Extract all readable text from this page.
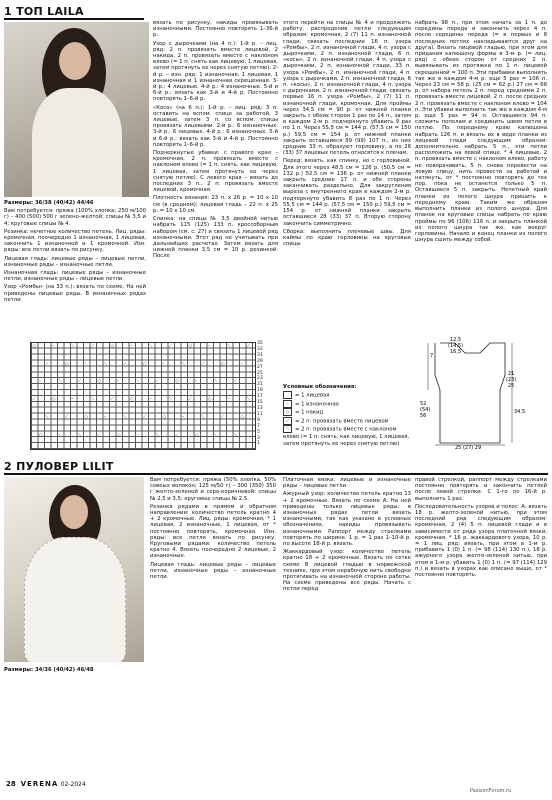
1 ТОП LAILA

Размеры: 36/38 (40/42) 44/46

Вам потребуется: пряжа (100% хлопка; 250 м/100 г) – 400 (500) 500 г зелено-желтой; спицы № 3,5 и 4; круговые спицы № 4.

Резинка: нечетное количество петель. Лиц. ряды: кромочная, поочередно 1 изнаночная, 1 лицевая, закончить 1 изнаночной и 1 кромочной. Изн. ряды: все петли вязать по рисунку.

Лицевая гладь: лицевые ряды – лицевые петли, изнаночные ряды – изнаночные петли.

Изнаночная гладь: лицевые ряды – изнаночные петли, изнаночные ряды – лицевые петли.

Узор «Ромбы» (на 33 п.): вязать по схеме. На ней приведены лицевые ряды. В изнаночных рядах петли

вязать по рисунку, накиды провязывать изнаночными. Постоянно повторять 1–36-й р.

Узор с дырочками (на 4 п.): 1-й р. – лиц. ряд: 2 п. провязать вместе лицевой, 2 накида, 2 п. провязать вместе с наклоном влево (= 1 п. снять как лицевую, 1 лицевая, затем протянуть ее через снятую петлю). 2-й р. – изн. ряд: 1 изнаночная, 1 лицевая, 1 изнаночная и 1 изнаночная скрещенная. 3-й р.: 4 лицевые. 4-й р.: 4 изнаночные. 5-й и 6-й р.: вязать как 3-й и 4-й р. Постоянно повторять 1–6-й р.

«Коса» (на 6 п.): 1-й р. – лиц. ряд: 3 п. оставить на вспом. спице за работой, 3 лицевые, затем 3 п. со вспом. спицы провязать лицевыми. 2-й р.: 6 изнаночных. 3-й р.: 6 лицевых. 4-й р.: 6 изнаночных. 5-й и 6-й р.: вязать как 3-й и 4-й р. Постоянно повторять 1–6-й р.

Подчеркнутые убавки: с правого края – кромочная, 2 п. провязать вместе с наклоном влево (= 1 п. снять, как лицевую, 1 лицевая, затем протянуть ее через снятую петлю). С левого края – вязать до последних 3 п., 2 п. провязать вместе лицевой, кромочная.

Плотность вязания: 23 п. х 26 р. = 10 х 10 см (в среднем); лицевая гладь – 22 п. х 25 р. = 10 х 10 см.

Спинка: на спицы № 3,5 двойной нитью набрать 115 (125) 133 п. кроссоборным набором (см. с. 27) и связать 1 лицевой ряд изнаночными. Этот ряд не учитывать при дальнейших расчетах. Затем вязать для нижней планки 3,5 см = 10 р. резинкой. После

этого перейти на спицы № 4 и продолжить работу, распределив петли следующим образом: кромочная, 2 (7) 11 п. изнаночной глади, связать последние 16 п. узора «Ромбы», 2 п. изнаночной глади, 4 п. узора с дырочками, 2 п. изнаночной глади, 6 п. «косы», 2 п. изнаночной глади, 4 п. узора с дырочками, 2 п. изнаночной глади, 33 п. узора «Ромбы», 2 п. изнаночной глади, 4 п. узора с дырочками, 2 п. изнаночной глади, 6 п. «косы», 2 п. изнаночной глади, 4 п. узора с дырочками, 2 п. изнаночной глади, связать первые 16 п. узора «Ромбы», 2 (7) 11 п. изнаночной глади, кромочная. Для проймы через 34,5 см = 90 р. от нижней планки закрыть с обеих сторон 1 раз по 14 п., затем в каждом 2-м р. подчеркнуто убавить 9 раз по 1 п. Через 55,5 см = 144 р. (57,5 см = 150 р.) 59,5 см = 154 р. от нижней планки закрыть оставшиеся 89 (99) 107 п., из них средние 33 п. образуют горловину, а по 28 (33) 37 лицевых петель относятся к плечам.

Перед: вязать, как спинку, но с горловиной. Для этого через 48,5 см = 126 р. (50,5 см = 132 р.) 52,5 см = 136 р. от нижней планки закрыть средние 17 п. и обе стороны заканчивать раздельно. Для закругления выреза с внутреннего края в каждом 2-м р. подчеркнуто убавить 8 раз по 1 п. Через 55,5 см = 144 р. (57,5 см = 150 р.) 59,5 см = 154 р. от нижней планки закрыть оставшиеся 28 (33) 37 п. Вторую сторону закончить симметрично.

Сборка: выполнить плечевые швы. Для каймы по краю горловины на круговые спицы

набрать 98 п., при этом начать за 1 п. до середины переда и закончить через 4 п. после середины переда (= в первых и 8 последних петлях накладываются друг на друга). Вязать лицевой гладью, при этом для придания капюшону формы в 3-м р. (= лиц. ряд) с обеих сторон от средних 2 п. вывязывать из протяжки по 1 п. лицевой скрещенной = 100 п. Эти прибавки выполнить так же в каждом 4-м р. еще 5 раз = 106 п. Через 23 см = 58 р. (25 см = 62 р.) 27 см = 68 р. от набора петель 2 п. перед средними 2 п. провязать вместе лицевой, 2 п. после средних 2 п. провязать вместе с наклоном влево = 104 п. Эти убавки выполнить так же в каждом 4-м р. еще 5 раз = 94 п. Оставшиеся 94 п. сложить пополам и соединить швом петля в петлю. По переднему краю капюшона набрать 126 п. и вязать их в виде планки из лицевой глади следующим образом: дополнительно набрать 5 п., эти петли расположить на левой спице, * 4 лицевые, 2 п. провязать вместе с наклоном влево, работу не поворачивать, 5 п. снова перевести на левую спицу, нить провести за работой и натянуть, от * постоянно повторять до тех пор, пока не останется только 5 п. Оставшиеся 5 п. закрыть. Нечетный край планки из полого шнура пришить к переднему краю. Таким же образом выполнить планки из полого шнура. Для планок на круговые спицы набрать по краю проймы по 96 (106) 116 п. и закрыть планкой из полого шнура так же, как вокруг горловины. Начало и конец планки из полого шнура сшить между собой.

○	–	⟍	⟋	○	–	⟍	⟋	○	–	⟍	⟋
⟋	○	–	⟍	⟋	○	–	⟍	⟋	○	–
–	⟍	⟋	○	–	⟍	⟋	○	–	⟍	⟋
⟋	○	–	⟍	⟋	○	–	⟍	⟋	○	–	⟍
⟍	⟋	○	–	⟍	⟋	○	–	⟍	⟋	○
○	–	⟍	⟋	○	–	⟍	⟋	○	–	⟍
35
33
31
29
27
25
23
21
19
17
15
13
11
9
7
5
3
1
Условные обозначения:
= 1 лицевая
– = 1 изнаночная
○ = 1 накид
⟋ = 2 п. провязать вместе лицевой
⟍ = 2 п. провязать вместе с наклоном влево (= 1 п. снять, как лицевую, 1 лицевая, затем протянуть ее через снятую петлю)
12,5
(14,5)
16,5
7
21
(23)
25
52
(54)
56
34,5
25 (27) 29
2 ПУЛОВЕР LILIT

Размеры: 34/36 (40/42) 46/48

Вам потребуется: пряжа (50% хлопка, 50% совеых волокон; 125 м/50 г) – 300 (350) 350 г желто-зеленой и серо-коричневой; спицы № 2,5 и 3,5; круговые спицы № 2,5.

Резинка рядами в прямом и обратном направлении: количество петель кратно 4 + 2 кромочные. Лиц. ряды: кромочная, * 1 лицевая, 2 изнаночные, 1 лицевая, от * постоянно повторять, кромочная. Изн. ряды: все петли вязать по рисунку. Круговыми рядами: количество петель кратно 4. Вязать поочередно 2 лицевые, 2 изнаночные.

Лицевая гладь: лицевые ряды – лицевые петли, изнаночные ряды – изнаночные петли.

Платочная вязка: лицевые и изнаночные ряды – лицевые петли.

Ажурный узор: количество петель кратно 13 + 2 кромочные. Вязать по схеме А. На ней приведены только лицевые ряды; в изнаночных рядах петли вязать изнаночными, так как указано в условных обозначениях, накиды провязывать изнаночными. Раппорт между стрелками повторять по ширине. 1 р. = 1 раз 1–10-й р. по высоте 18-й р. вязать.

Жаккардовый узор: количество петель кратно 18 + 2 кромочные. Вязать по сетке схеме В лицевой гладью в норвежской технике, при этом нерабочую нить свободно протягивать на изнаночной стороне работы. На схеме приведены все ряды. Начать с петли перед

правой стрелкой, раппорт между стрелками постоянно повторять и закончить петлей после левой стрелки. С 1-го по 16-й р. выполнить 1 раз.

Последовательность узоров и полос: А: вязать 18 р. желто-зеленой нитью, при этом последний ряд следующим образом: кромочная, 2 (4) 5 п. лицевой глади и в зависимости от ряда узора платочной вязки, кромочная. * 16 р. жаккардового узора, 10 р. = 1 лиц. ряд: вязать, при этом в 1-м р. прибавить 1 (0) 1 п. (= 98 (114) 130 п.), 18 р. ажурного узора желто-зеленой нитью, при этом в 1-м р. убавить 1 (0) 1 п. (= 97 (114) 129 п.) и вязать в узорах как описано выше, от * постоянно повторять.

28 VERENA 02-2024
PassionForum.ru
